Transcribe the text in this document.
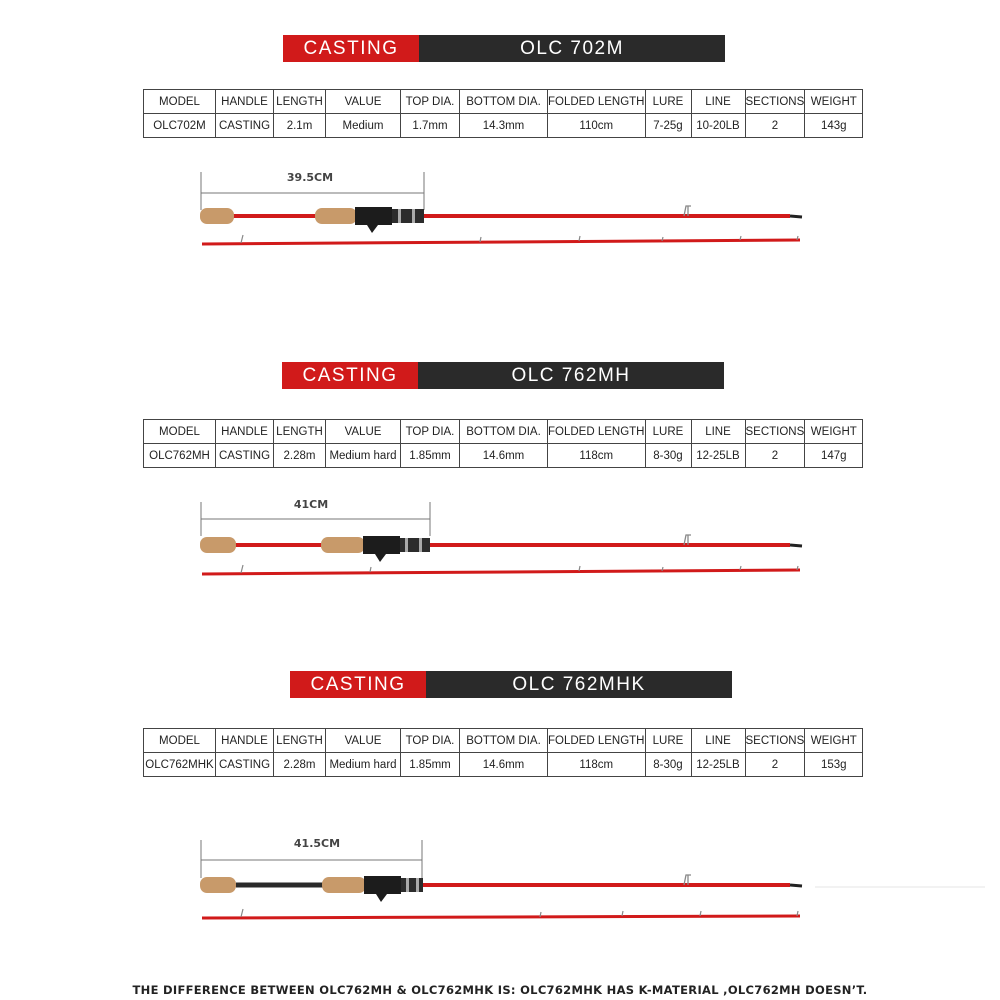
CASTING	OLC 702M
MODEL	HANDLE	LENGTH	VALUE	TOP DIA.	BOTTOM DIA.	FOLDED LENGTH	LURE	LINE	SECTIONS	WEIGHT
OLC702M	CASTING	2.1m	Medium	1.7mm	14.3mm	110cm	7-25g	10-20LB	2	143g
39.5CM
CASTING	OLC 762MH
MODEL	HANDLE	LENGTH	VALUE	TOP DIA.	BOTTOM DIA.	FOLDED LENGTH	LURE	LINE	SECTIONS	WEIGHT
OLC762MH	CASTING	2.28m	Medium hard	1.85mm	14.6mm	118cm	8-30g	12-25LB	2	147g
41CM
CASTING	OLC 762MHK
MODEL	HANDLE	LENGTH	VALUE	TOP DIA.	BOTTOM DIA.	FOLDED LENGTH	LURE	LINE	SECTIONS	WEIGHT
OLC762MHK	CASTING	2.28m	Medium hard	1.85mm	14.6mm	118cm	8-30g	12-25LB	2	153g
41.5CM
THE DIFFERENCE BETWEEN OLC762MH & OLC762MHK IS: OLC762MHK HAS K-MATERIAL ,OLC762MH DOESN’T.
